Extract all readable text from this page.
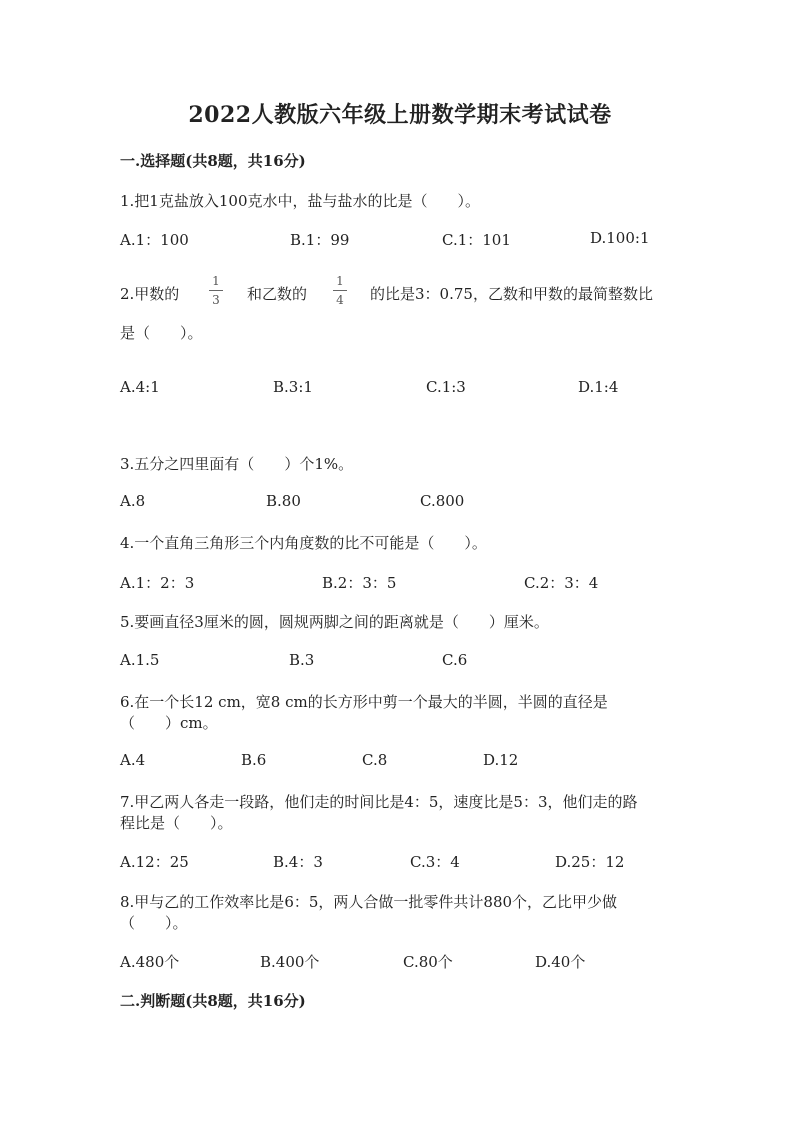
2022人教版六年级上册数学期末考试试卷
一.选择题(共8题，共16分)
1.把1克盐放入100克水中，盐与盐水的比是（　　）。
A.1：100	B.1：99	C.1：101	D.100:1
2.甲数的
1
3	和乙数的
1
4	的比是3：0.75，乙数和甲数的最简整数比
是（　　）。
A.4:1	B.3:1	C.1:3	D.1:4
3.五分之四里面有（　　）个1%。
A.8	B.80	C.800
4.一个直角三角形三个内角度数的比不可能是（　　）。
A.1：2：3	B.2：3：5	C.2：3：4
5.要画直径3厘米的圆，圆规两脚之间的距离就是（　　）厘米。
A.1.5	B.3	C.6
6.在一个长12 cm，宽8 cm的长方形中剪一个最大的半圆，半圆的直径是
（　　）cm。
A.4	B.6	C.8	D.12
7.甲乙两人各走一段路，他们走的时间比是4：5，速度比是5：3，他们走的路
程比是（　　）。
A.12：25	B.4：3	C.3：4	D.25：12
8.甲与乙的工作效率比是6：5，两人合做一批零件共计880个，乙比甲少做
（　　）。
A.480个	B.400个	C.80个	D.40个
二.判断题(共8题，共16分)
